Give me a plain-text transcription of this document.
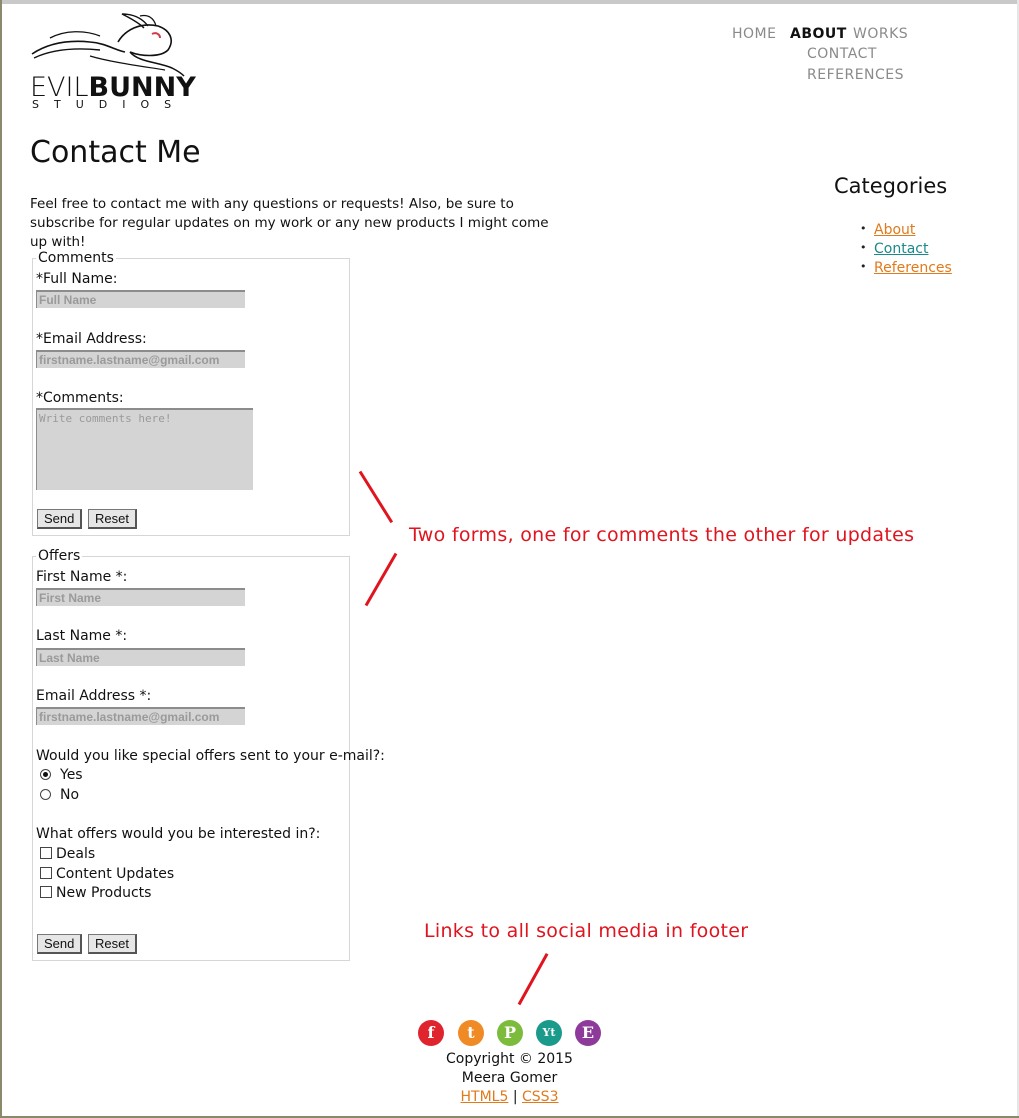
EVILBUNNY
STUDIOS
HOME ABOUT WORKS
CONTACT
REFERENCES
Contact Me

Feel free to contact me with any questions or requests! Also, be sure to subscribe for regular updates on my work or any new products I might come up with!

Comments
*Full Name:
Full Name
*Email Address:
firstname.lastname@gmail.com
*Comments:
Write comments here!
Send	Reset
Offers
First Name *:
First Name
Last Name *:
Last Name
Email Address *:
firstname.lastname@gmail.com
Would you like special offers sent to your e-mail?:
Yes
No
What offers would you be interested in?:
Deals
Content Updates
New Products
Send	Reset
Two forms, one for comments the other for updates
Links to all social media in footer
Categories
• About
• Contact
• References
f	t	P	Yt	E
Copyright © 2015
Meera Gomer
HTML5 | CSS3
